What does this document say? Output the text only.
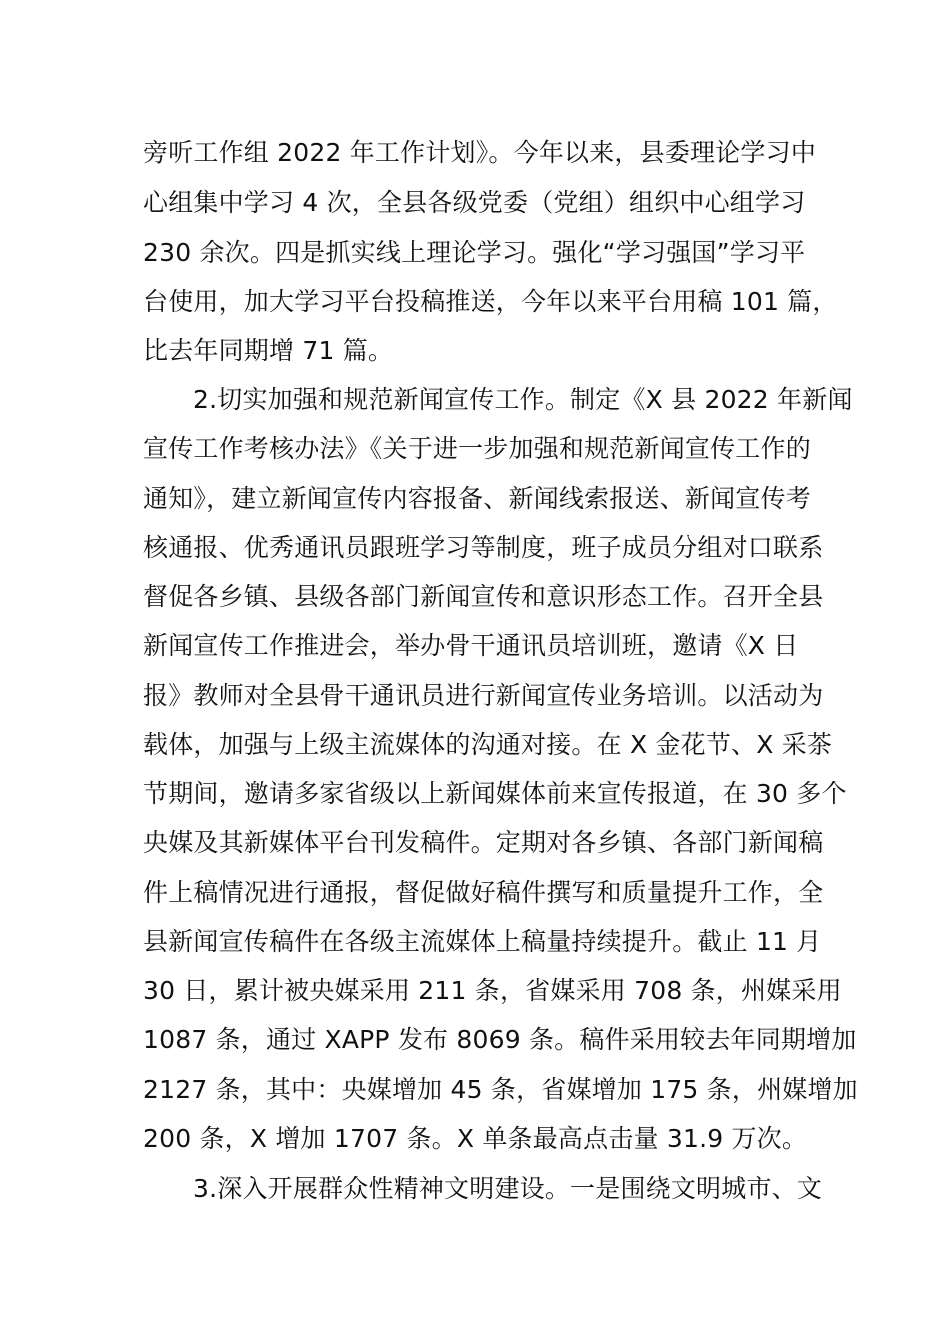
旁听工作组 2022 年工作计划》。今年以来，县委理论学习中
心组集中学习 4 次，全县各级党委（党组）组织中心组学习
230 余次。四是抓实线上理论学习。强化“学习强国”学习平
台使用，加大学习平台投稿推送，今年以来平台用稿 101 篇，
比去年同期增 71 篇。
2.切实加强和规范新闻宣传工作。制定《X 县 2022 年新闻
宣传工作考核办法》《关于进一步加强和规范新闻宣传工作的
通知》，建立新闻宣传内容报备、新闻线索报送、新闻宣传考
核通报、优秀通讯员跟班学习等制度，班子成员分组对口联系
督促各乡镇、县级各部门新闻宣传和意识形态工作。召开全县
新闻宣传工作推进会，举办骨干通讯员培训班，邀请《X 日
报》教师对全县骨干通讯员进行新闻宣传业务培训。以活动为
载体，加强与上级主流媒体的沟通对接。在 X 金花节、X 采茶
节期间，邀请多家省级以上新闻媒体前来宣传报道，在 30 多个
央媒及其新媒体平台刊发稿件。定期对各乡镇、各部门新闻稿
件上稿情况进行通报，督促做好稿件撰写和质量提升工作，全
县新闻宣传稿件在各级主流媒体上稿量持续提升。截止 11 月
30 日，累计被央媒采用 211 条，省媒采用 708 条，州媒采用
1087 条，通过 XAPP 发布 8069 条。稿件采用较去年同期增加
2127 条，其中：央媒增加 45 条，省媒增加 175 条，州媒增加
200 条，X 增加 1707 条。X 单条最高点击量 31.9 万次。
3.深入开展群众性精神文明建设。一是围绕文明城市、文
